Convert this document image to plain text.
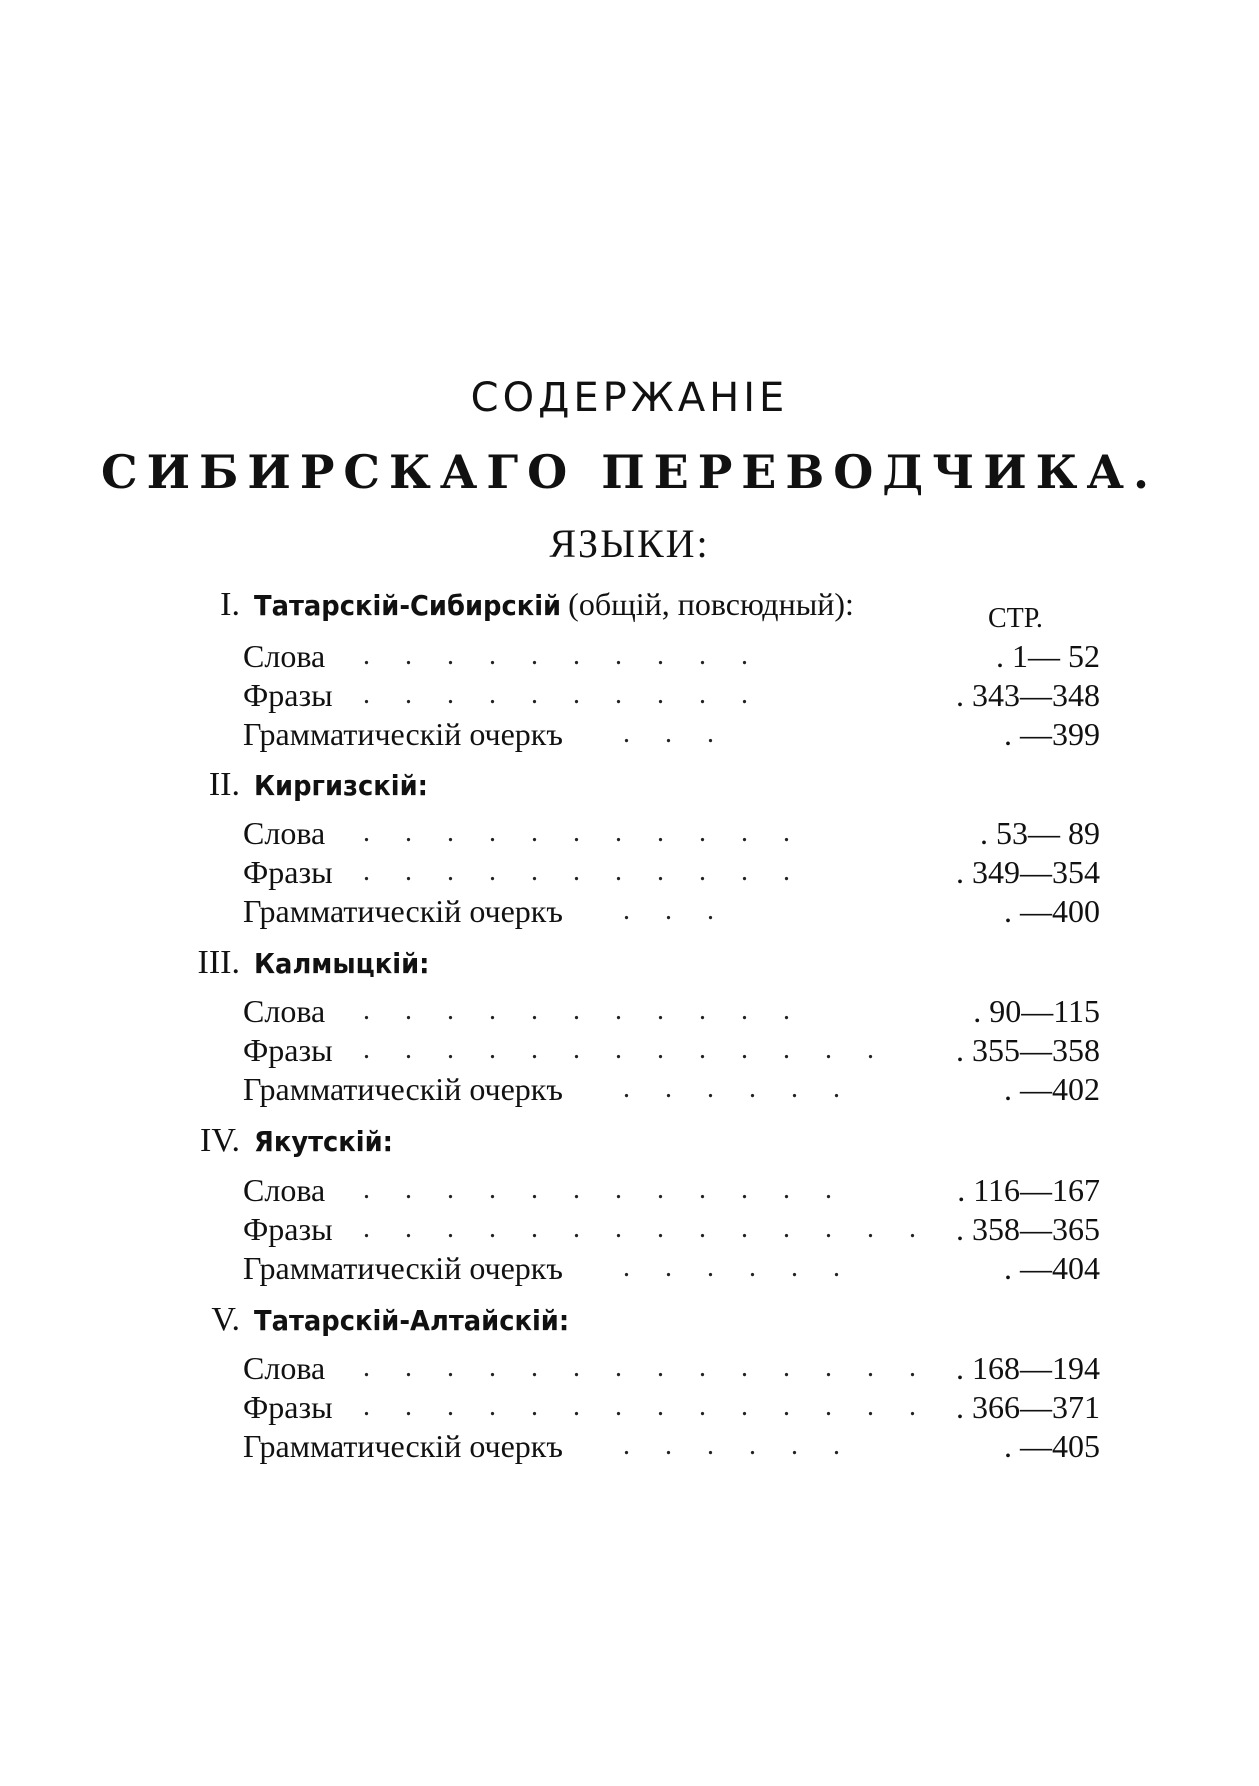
СОДЕРЖАНІЕ
СИБИРСКАГО ПЕРЕВОДЧИКА.
ЯЗЫКИ:
СТР.
I. Татарскій-Сибирскій (общій, повсюдный):
Слова . . . . . . . . . .	. 1— 52
Фразы . . . . . . . . . .	. 343—348
Грамматическій очеркъ . . .	. —399
II. Киргизскій:
Слова . . . . . . . . . . .	. 53— 89
Фразы . . . . . . . . . . .	. 349—354
Грамматическій очеркъ . . .	. —400
III. Калмыцкій:
Слова . . . . . . . . . . .	. 90—115
Фразы . . . . . . . . . . . . .	. 355—358
Грамматическій очеркъ . . . . . .	. —402
IV. Якутскій:
Слова . . . . . . . . . . . .	. 116—167
Фразы . . . . . . . . . . . . . . . 358—365
Грамматическій очеркъ . . . . . .	. —404
V. Татарскій-Алтайскій:
Слова . . . . . . . . . . . . . . . 168—194
Фразы . . . . . . . . . . . . . . . 366—371
Грамматическій очеркъ . . . . . .	. —405
